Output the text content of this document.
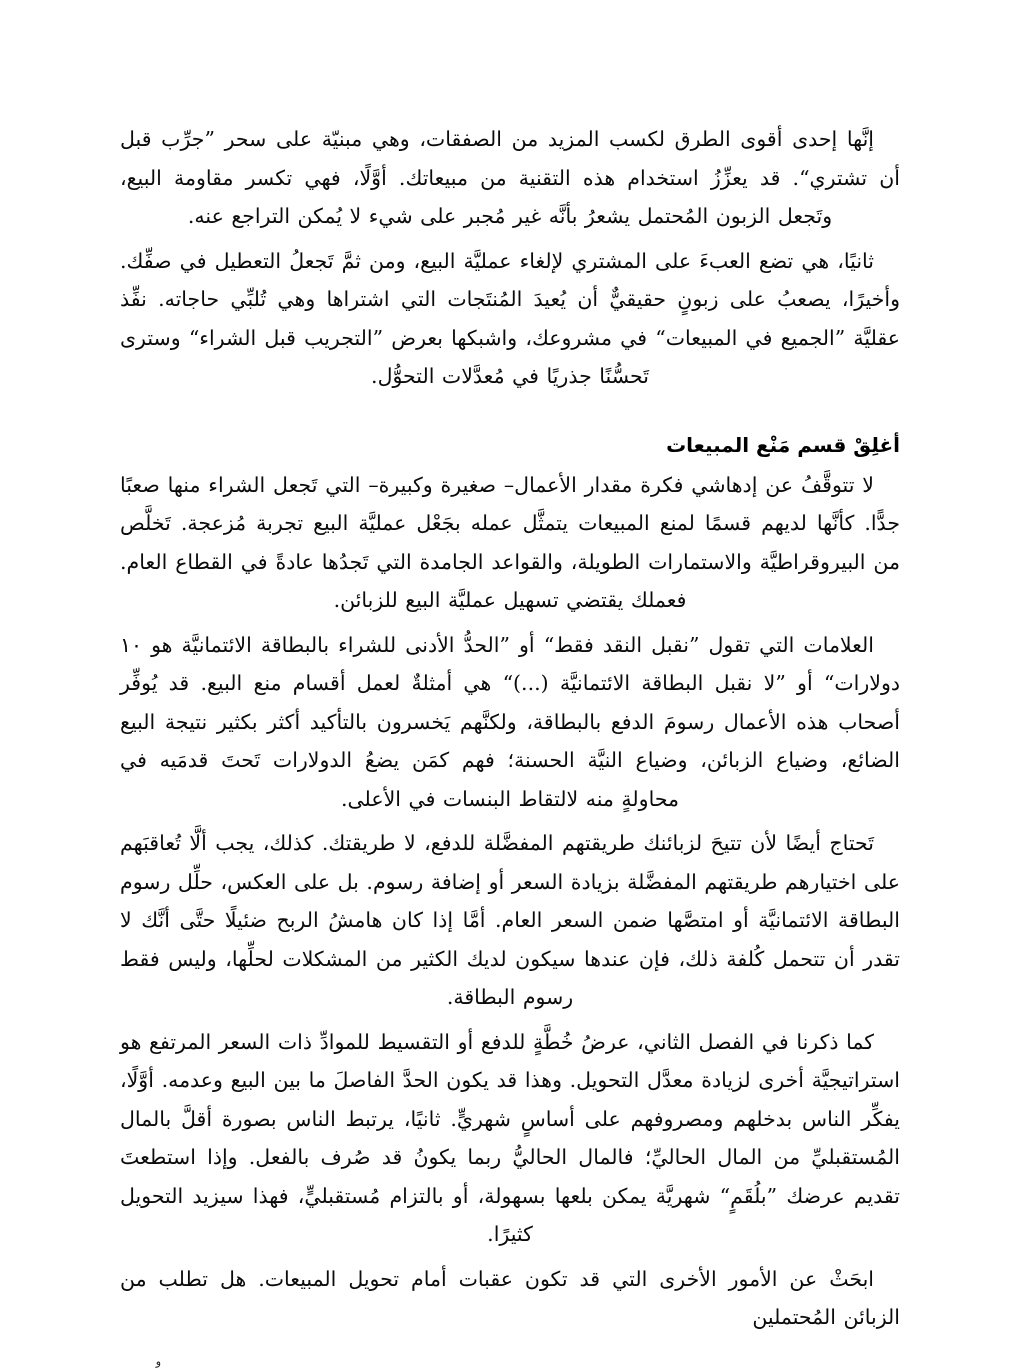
إنَّها إحدى أقوى الطرق لكسب المزيد من الصفقات، وهي مبنيّة على سحر ”جرِّب قبل أن تشتري“. قد يعزِّزُ استخدام هذه التقنية من مبيعاتك. أوَّلًا، فهي تكسر مقاومة البيع، وتَجعل الزبون المُحتمل يشعرُ بأنَّه غير مُجبر على شيء لا يُمكن التراجع عنه.

ثانيًا، هي تضع العبءَ على المشتري لإلغاء عمليَّة البيع، ومن ثمَّ تَجعلُ التعطيل في صفِّك. وأخيرًا، يصعبُ على زبونٍ حقيقيٌّ أن يُعيدَ المُنتَجات التي اشتراها وهي تُلبِّي حاجاته. نفِّذ عقليَّة ”الجميع في المبيعات“ في مشروعك، واشبكها بعرض ”التجريب قبل الشراء“ وسترى تَحسُّنًا جذريًا في مُعدَّلات التحوُّل.

أغلِقْ قسم مَنْع المبيعات

لا تتوقَّفُ عن إدهاشي فكرة مقدار الأعمال– صغيرة وكبيرة– التي تَجعل الشراء منها صعبًا جدًّا. كأنَّها لديهم قسمًا لمنع المبيعات يتمثَّل عمله بجَعْل عمليَّة البيع تجربة مُزعجة. تَخلَّص من البيروقراطيَّة والاستمارات الطويلة، والقواعد الجامدة التي تَجدُها عادةً في القطاع العام. فعملك يقتضي تسهيل عمليَّة البيع للزبائن.

العلامات التي تقول ”نقبل النقد فقط“ أو ”الحدُّ الأدنى للشراء بالبطاقة الائتمانيَّة هو ١٠ دولارات“ أو ”لا نقبل البطاقة الائتمانيَّة (...)“ هي أمثلةٌ لعمل أقسام منع البيع. قد يُوفِّر أصحاب هذه الأعمال رسومَ الدفع بالبطاقة، ولكنَّهم يَخسرون بالتأكيد أكثر بكثير نتيجة البيع الضائع، وضياع الزبائن، وضياع النيَّة الحسنة؛ فهم كمَن يضعُ الدولارات تَحتَ قدمَيه في محاولةٍ منه لالتقاط البنسات في الأعلى.

تَحتاج أيضًا لأن تتيحَ لزبائنك طريقتهم المفضَّلة للدفع، لا طريقتك. كذلك، يجب ألَّا تُعاقبَهم على اختيارهم طريقتهم المفضَّلة بزيادة السعر أو إضافة رسوم. بل على العكس، حلِّل رسوم البطاقة الائتمانيَّة أو امتصَّها ضمن السعر العام. أمَّا إذا كان هامشُ الربح ضئيلًا حتَّى أنَّك لا تقدر أن تتحمل كُلفة ذلك، فإن عندها سيكون لديك الكثير من المشكلات لحلِّها، وليس فقط رسوم البطاقة.

كما ذكرنا في الفصل الثاني، عرضُ خُطَّةٍ للدفع أو التقسيط للموادِّ ذات السعر المرتفع هو استراتيجيَّة أخرى لزيادة معدَّل التحويل. وهذا قد يكون الحدَّ الفاصلَ ما بين البيع وعدمه. أوَّلًا، يفكِّر الناس بدخلهم ومصروفهم على أساسٍ شهريٍّ. ثانيًا، يرتبط الناس بصورة أقلَّ بالمال المُستقبليِّ من المال الحاليِّ؛ فالمال الحاليُّ ربما يكونُ قد صُرف بالفعل. وإذا استطعتَ تقديم عرضك ”بلُقَمٍ“ شهريَّة يمكن بلعها بسهولة، أو بالتزام مُستقبليٍّ، فهذا سيزيد التحويل كثيرًا.

ابحَثْ عن الأمور الأخرى التي قد تكون عقبات أمام تحويل المبيعات. هل تطلب من الزبائن المُحتملين

و
